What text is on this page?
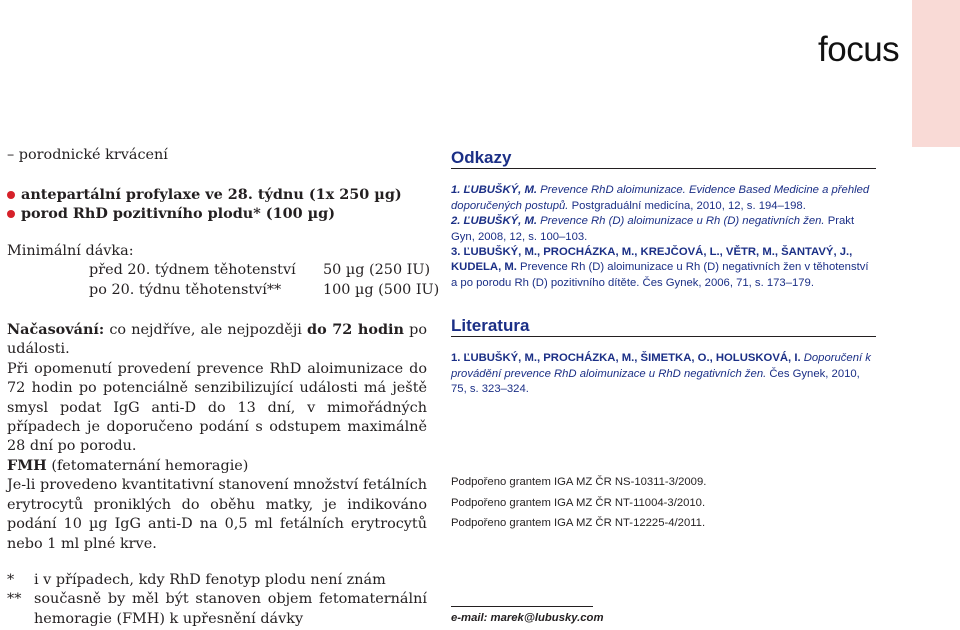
focus

– porodnické krvácení

antepartální profylaxe ve 28. týdnu (1x 250 µg)

porod RhD pozitivního plodu* (100 µg)

Minimální dávka:

před 20. týdnem těhotenství 50 µg (250 IU)
po 20. týdnu těhotenství**	100 µg (500 IU)

Načasování: co nejdříve, ale nejpozději do 72 hodin po události.

Při opomenutí provedení prevence RhD aloimunizace do 72 hodin po potenciálně senzibilizující události má ještě smysl podat IgG anti-D do 13 dní, v mimořádných případech je doporučeno podání s odstupem maximálně 28 dní po porodu.

FMH (fetomaternání hemoragie)

Je-li provedeno kvantitativní stanovení množství fetálních erytrocytů proniklých do oběhu matky, je indikováno podání 10 µg IgG anti-D na 0,5 ml fetálních erytrocytů nebo 1 ml plné krve.

* i v případech, kdy RhD fenotyp plodu není znám
** současně by měl být stanoven objem fetomaternální hemoragie (FMH) k upřesnění dávky
Odkazy

1. ĽUBUŠKÝ, M. Prevence RhD aloimunizace. Evidence Based Medicine a přehled doporučených postupů. Postgraduální medicína, 2010, 12, s. 194–198.

2. ĽUBUŠKÝ, M. Prevence Rh (D) aloimunizace u Rh (D) negativních žen. Prakt Gyn, 2008, 12, s. 100–103.

3. ĽUBUŠKÝ, M., PROCHÁZKA, M., KREJČOVÁ, L., VĚTR, M., ŠANTAVÝ, J., KUDELA, M. Prevence Rh (D) aloimunizace u Rh (D) negativních žen v těhotenství a po porodu Rh (D) pozitivního dítěte. Čes Gynek, 2006, 71, s. 173–179.

Literatura

1. ĽUBUŠKÝ, M., PROCHÁZKA, M., ŠIMETKA, O., HOLUSKOVÁ, I. Doporučení k provádění prevence RhD aloimunizace u RhD negativních žen. Čes Gynek, 2010, 75, s. 323–324.

Podpořeno grantem IGA MZ ČR NS-10311-3/2009.

Podpořeno grantem IGA MZ ČR NT-11004-3/2010.

Podpořeno grantem IGA MZ ČR NT-12225-4/2011.

e-mail: marek@lubusky.com
